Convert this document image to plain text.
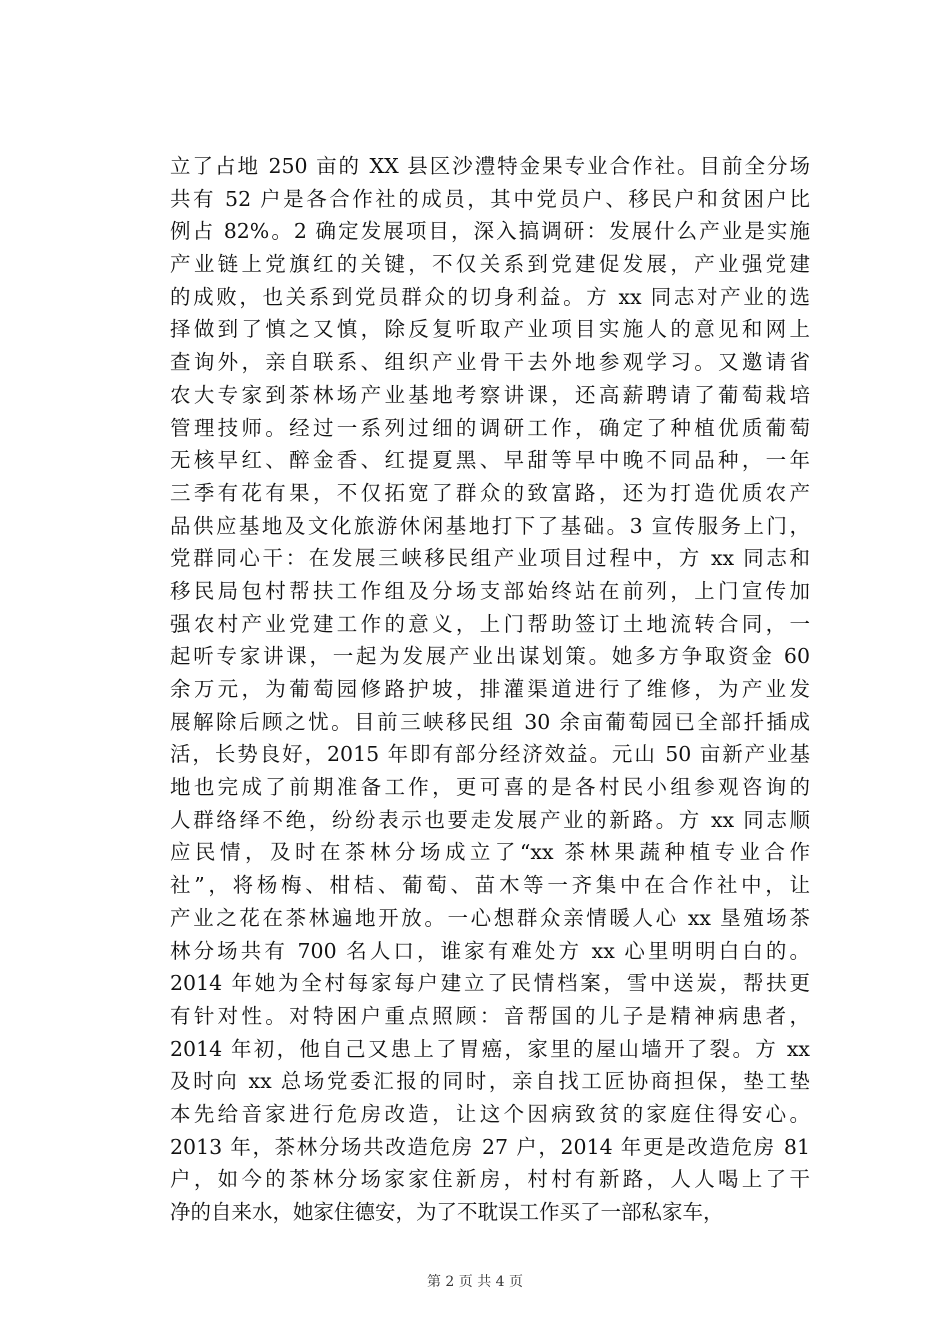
立了占地 250 亩的 XX 县区沙澧特金果专业合作社。目前全分场
共有 52 户是各合作社的成员，其中党员户、移民户和贫困户比
例占 82%。2 确定发展项目，深入搞调研：发展什么产业是实施
产业链上党旗红的关键，不仅关系到党建促发展，产业强党建
的成败，也关系到党员群众的切身利益。方 xx 同志对产业的选
择做到了慎之又慎，除反复听取产业项目实施人的意见和网上
查询外，亲自联系、组织产业骨干去外地参观学习。又邀请省
农大专家到茶林场产业基地考察讲课，还高薪聘请了葡萄栽培
管理技师。经过一系列过细的调研工作，确定了种植优质葡萄
无核早红、醉金香、红提夏黑、早甜等早中晚不同品种，一年
三季有花有果，不仅拓宽了群众的致富路，还为打造优质农产
品供应基地及文化旅游休闲基地打下了基础。3 宣传服务上门，
党群同心干：在发展三峡移民组产业项目过程中，方 xx 同志和
移民局包村帮扶工作组及分场支部始终站在前列，上门宣传加
强农村产业党建工作的意义，上门帮助签订土地流转合同，一
起听专家讲课，一起为发展产业出谋划策。她多方争取资金 60
余万元，为葡萄园修路护坡，排灌渠道进行了维修，为产业发
展解除后顾之忧。目前三峡移民组 30 余亩葡萄园已全部扦插成
活，长势良好，2015 年即有部分经济效益。元山 50 亩新产业基
地也完成了前期准备工作，更可喜的是各村民小组参观咨询的
人群络绎不绝，纷纷表示也要走发展产业的新路。方 xx 同志顺
应民情，及时在茶林分场成立了“xx 茶林果蔬种植专业合作
社”，将杨梅、柑桔、葡萄、苗木等一齐集中在合作社中，让
产业之花在茶林遍地开放。一心想群众亲情暖人心 xx 垦殖场茶
林分场共有 700 名人口，谁家有难处方 xx 心里明明白白的。
2014 年她为全村每家每户建立了民情档案，雪中送炭，帮扶更
有针对性。对特困户重点照顾：音帮国的儿子是精神病患者，
2014 年初，他自己又患上了胃癌，家里的屋山墙开了裂。方 xx
及时向 xx 总场党委汇报的同时，亲自找工匠协商担保，垫工垫
本先给音家进行危房改造，让这个因病致贫的家庭住得安心。
2013 年，茶林分场共改造危房 27 户，2014 年更是改造危房 81
户，如今的茶林分场家家住新房，村村有新路，人人喝上了干
净的自来水，她家住德安，为了不耽误工作买了一部私家车，
第 2 页 共 4 页
